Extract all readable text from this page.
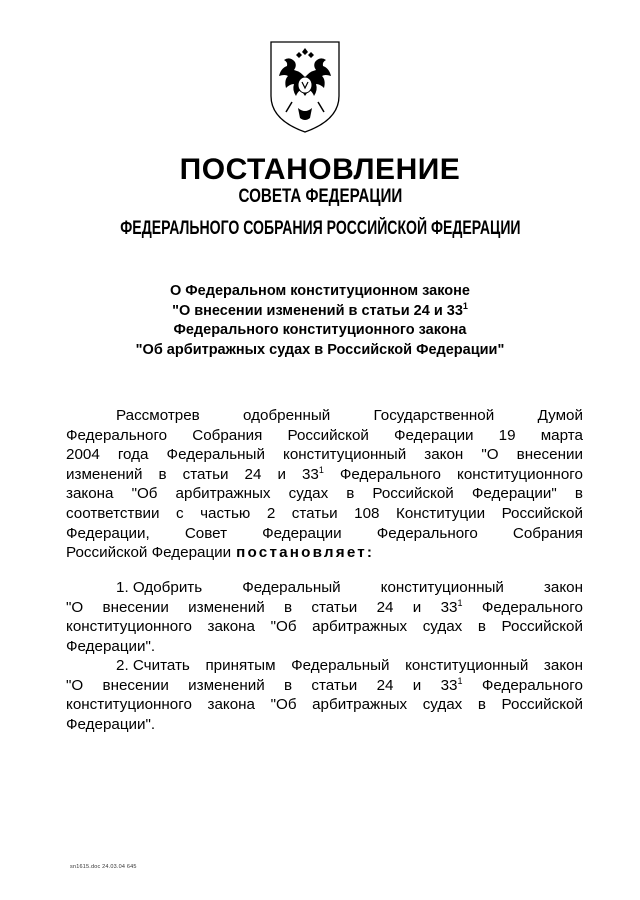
ПОСТАНОВЛЕНИЕ
СОВЕТА ФЕДЕРАЦИИ
ФЕДЕРАЛЬНОГО СОБРАНИЯ РОССИЙСКОЙ ФЕДЕРАЦИИ
О Федеральном конституционном законе
"О внесении изменений в статьи 24 и $33^1$
Федерального конституционного закона
"Об арбитражных судах в Российской Федерации"
Рассмотрев	одобренный	Государственной	Думой
Федерального Собрания Российской Федерации 19 марта
2004 года Федеральный конституционный закон "О внесении
изменений в статьи 24 и $33^1$ Федерального конституционного
закона "Об арбитражных судах в Российской Федерации" в
соответствии с частью 2 статьи 108 Конституции Российской
Федерации, Совет Федерации Федерального Собрания
Российской Федерации постановляет:
1. Одобрить	Федеральный	конституционный	закон
"О внесении изменений в статьи 24 и $33^1$ Федерального
конституционного закона "Об арбитражных судах в Российской
Федерации".
2. Считать принятым Федеральный конституционный закон
"О внесении изменений в статьи 24 и $33^1$ Федерального
конституционного закона "Об арбитражных судах в Российской
Федерации".
sn1615.doc 24.03.04 645
